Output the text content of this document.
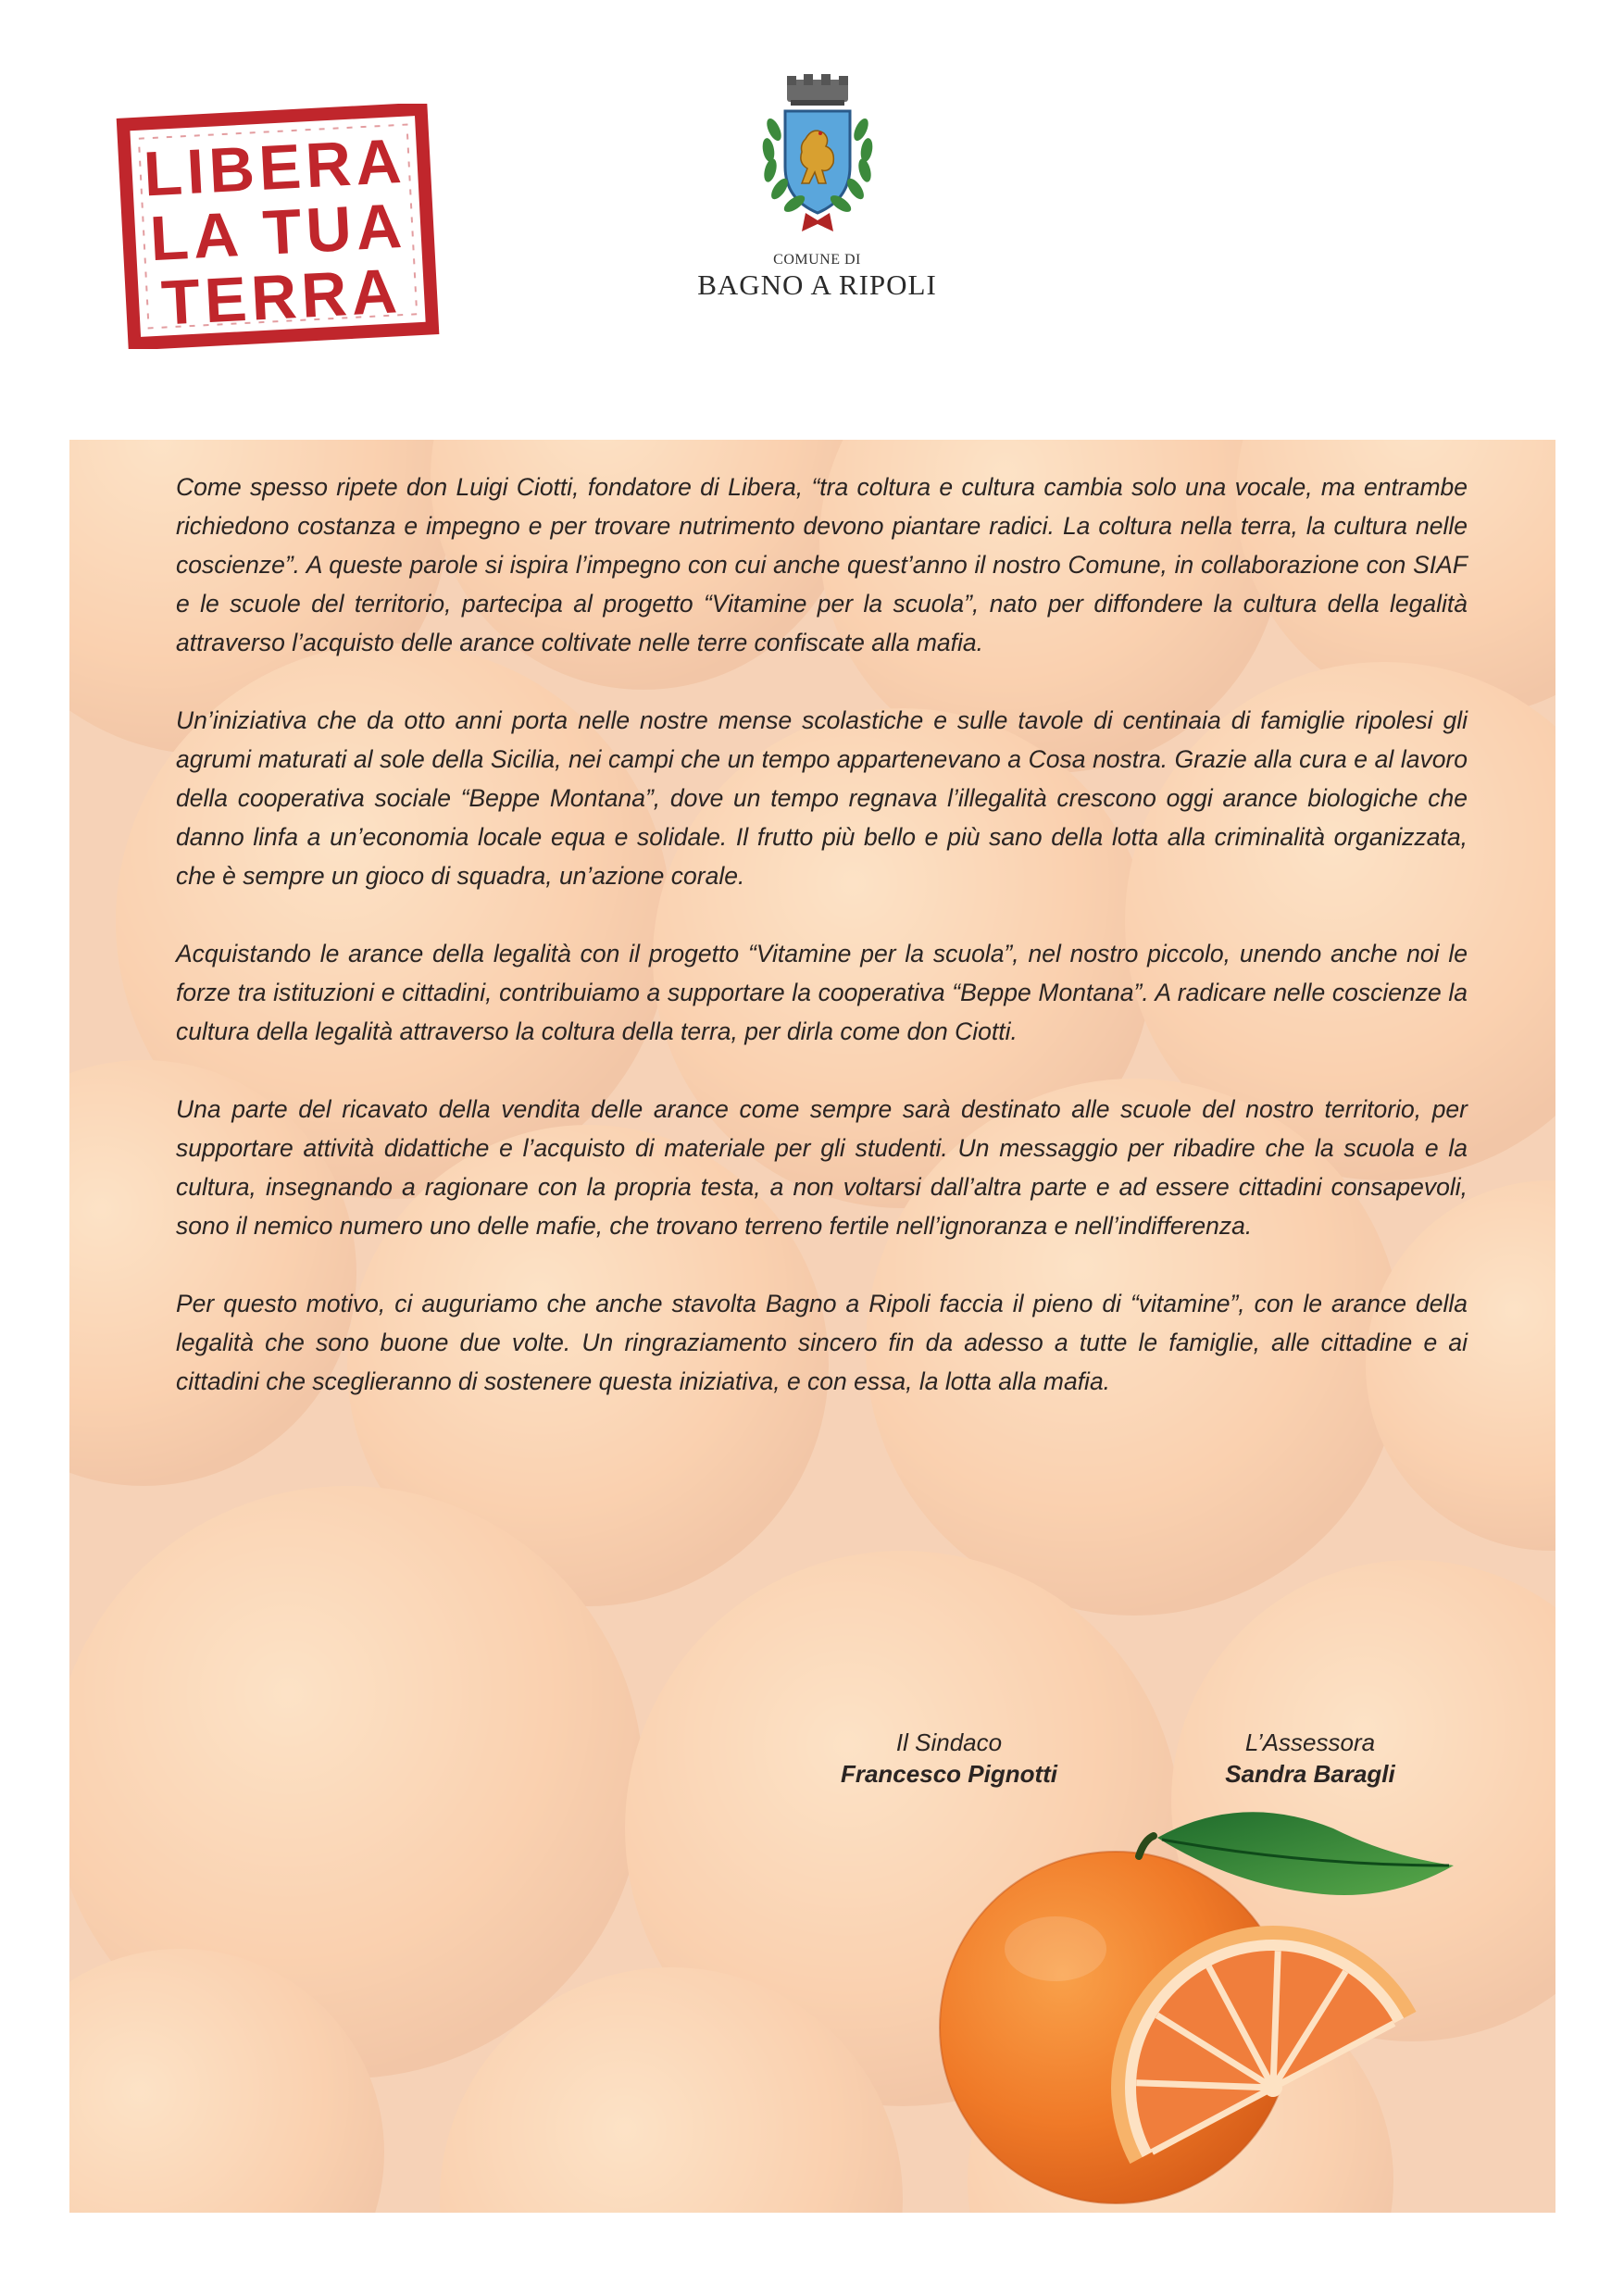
LIBERA
LA TUA
TERRA	COMUNE DI
BAGNO A RIPOLI

Come spesso ripete don Luigi Ciotti, fondatore di Libera, “tra coltura e cultura cambia solo una vocale, ma entrambe richiedono costanza e impegno e per trovare nutrimento devono piantare radici. La coltura nella terra, la cultura nelle coscienze”. A queste parole si ispira l’impegno con cui anche quest’anno il nostro Comune, in collaborazione con SIAF e le scuole del territorio, partecipa al progetto “Vitamine per la scuola”, nato per diffondere la cultura della legalità attraverso l’acquisto delle arance coltivate nelle terre confiscate alla mafia.

Un’iniziativa che da otto anni porta nelle nostre mense scolastiche e sulle tavole di centinaia di famiglie ripolesi gli agrumi maturati al sole della Sicilia, nei campi che un tempo appartenevano a Cosa nostra. Grazie alla cura e al lavoro della cooperativa sociale “Beppe Montana”, dove un tempo regnava l’illegalità crescono oggi arance biologiche che danno linfa a un’economia locale equa e solidale. Il frutto più bello e più sano della lotta alla criminalità organizzata, che è sempre un gioco di squadra, un’azione corale.

Acquistando le arance della legalità con il progetto “Vitamine per la scuola”, nel nostro piccolo, unendo anche noi le forze tra istituzioni e cittadini, contribuiamo a supportare la cooperativa “Beppe Montana”. A radicare nelle coscienze la cultura della legalità attraverso la coltura della terra, per dirla come don Ciotti.

Una parte del ricavato della vendita delle arance come sempre sarà destinato alle scuole del nostro territorio, per supportare attività didattiche e l’acquisto di materiale per gli studenti. Un messaggio per ribadire che la scuola e la cultura, insegnando a ragionare con la propria testa, a non voltarsi dall’altra parte e ad essere cittadini consapevoli, sono il nemico numero uno delle mafie, che trovano terreno fertile nell’ignoranza e nell’indifferenza.

Per questo motivo, ci auguriamo che anche stavolta Bagno a Ripoli faccia il pieno di “vitamine”, con le arance della legalità che sono buone due volte. Un ringraziamento sincero fin da adesso a tutte le famiglie, alle cittadine e ai cittadini che sceglieranno di sostenere questa iniziativa, e con essa, la lotta alla mafia.

Il Sindaco
Francesco Pignotti
L’Assessora
Sandra Baragli
